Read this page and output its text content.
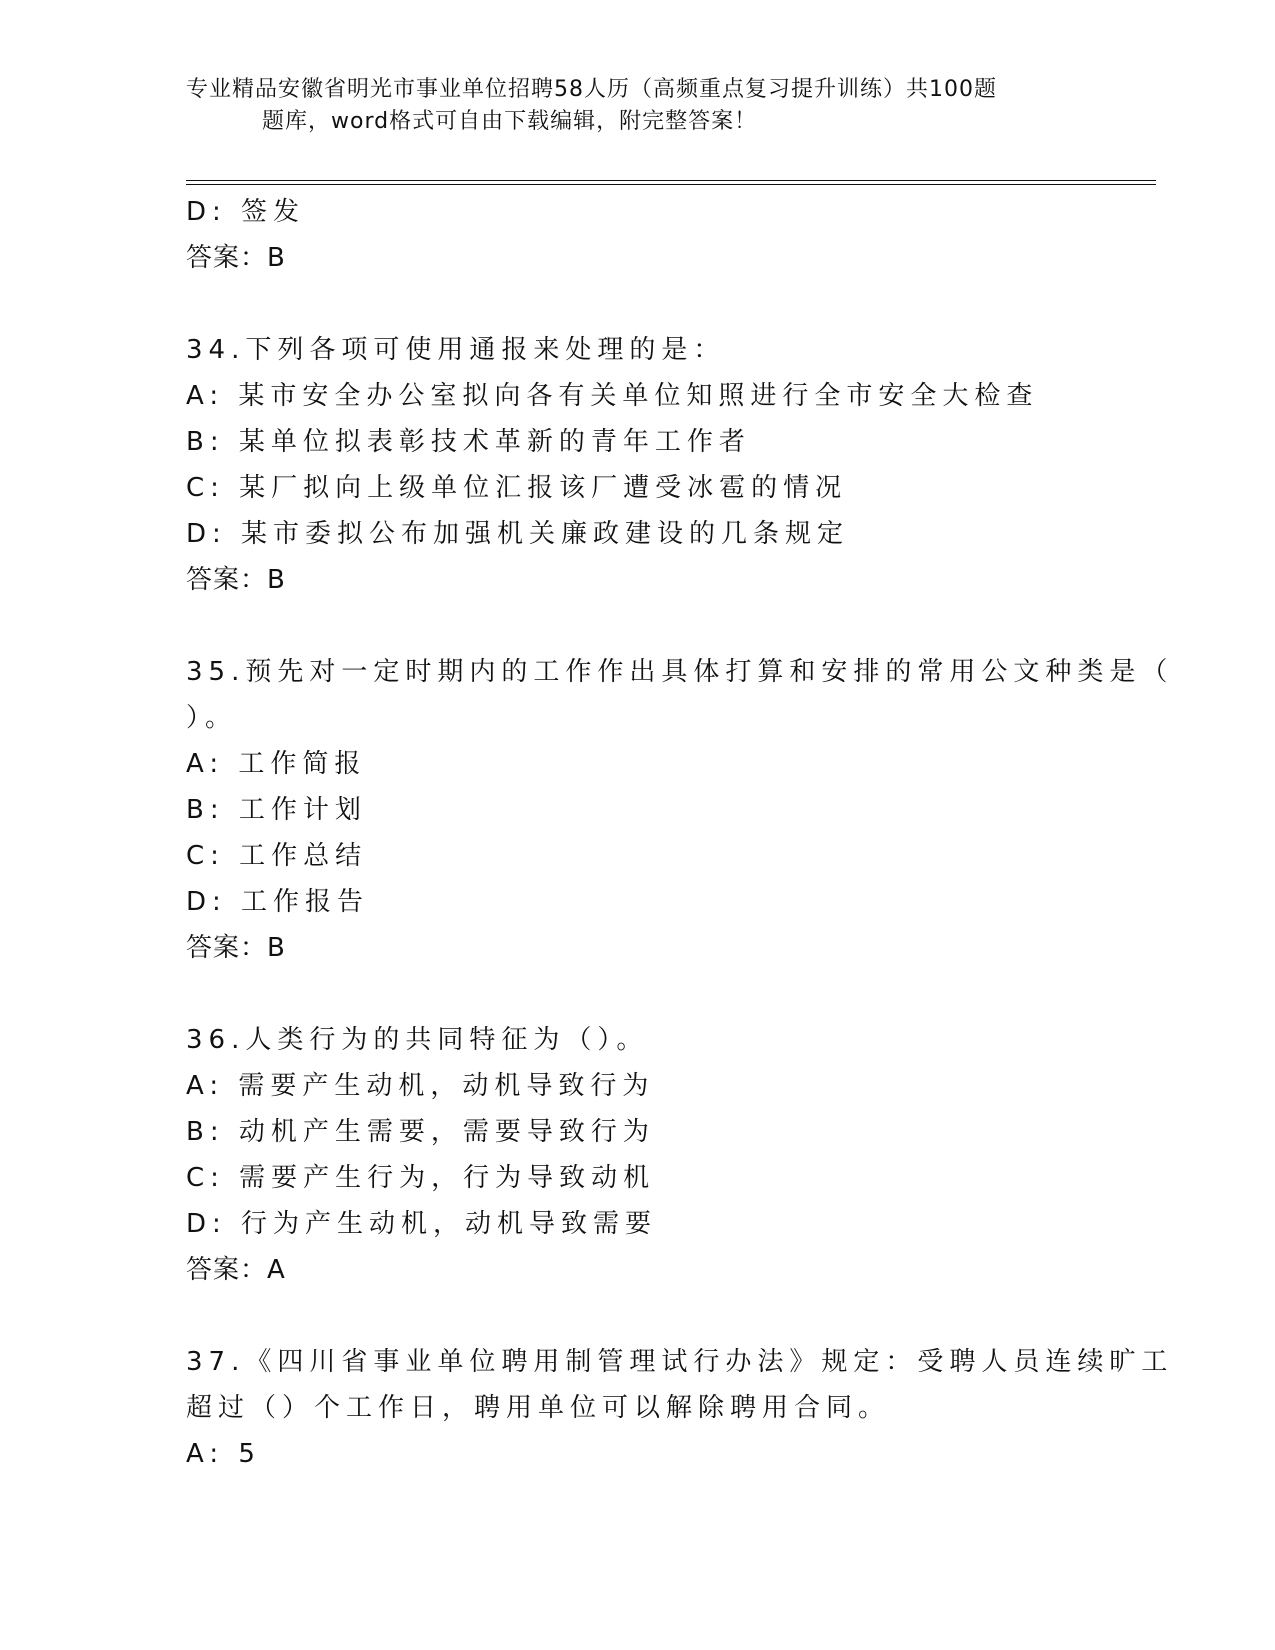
专业精品安徽省明光市事业单位招聘58人历（高频重点复习提升训练）共100题
题库，word格式可自由下载编辑，附完整答案！
D: 签发
答案：B
34.下列各项可使用通报来处理的是：
A: 某市安全办公室拟向各有关单位知照进行全市安全大检查
B: 某单位拟表彰技术革新的青年工作者
C: 某厂拟向上级单位汇报该厂遭受冰雹的情况
D: 某市委拟公布加强机关廉政建设的几条规定
答案：B
35.预先对一定时期内的工作作出具体打算和安排的常用公文种类是（
）。
A: 工作简报
B: 工作计划
C: 工作总结
D: 工作报告
答案：B
36.人类行为的共同特征为（）。
A: 需要产生动机，动机导致行为
B: 动机产生需要，需要导致行为
C: 需要产生行为，行为导致动机
D: 行为产生动机，动机导致需要
答案：A
37.《四川省事业单位聘用制管理试行办法》规定：受聘人员连续旷工
超过（）个工作日，聘用单位可以解除聘用合同。
A: 5
